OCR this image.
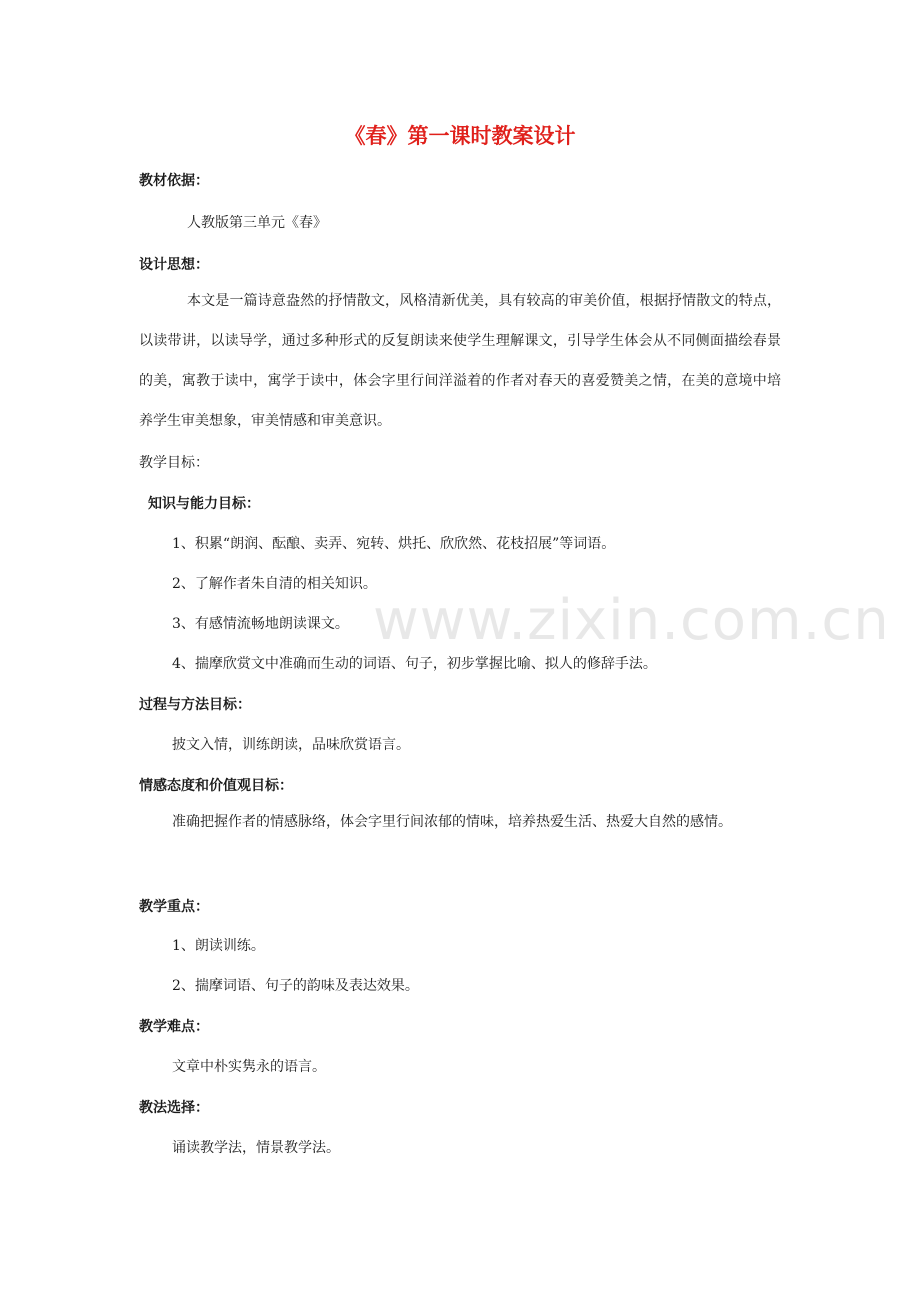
www.zixin.com.cn
《春》第一课时教案设计

教材依据：

人教版第三单元《春》

设计思想：

本文是一篇诗意盎然的抒情散文，风格清新优美，具有较高的审美价值，根据抒情散文的特点，以读带讲，以读导学，通过多种形式的反复朗读来使学生理解课文，引导学生体会从不同侧面描绘春景的美，寓教于读中，寓学于读中，体会字里行间洋溢着的作者对春天的喜爱赞美之情，在美的意境中培养学生审美想象，审美情感和审美意识。

教学目标：

知识与能力目标：

1、积累“朗润、酝酿、卖弄、宛转、烘托、欣欣然、花枝招展”等词语。

2、了解作者朱自清的相关知识。

3、有感情流畅地朗读课文。

4、揣摩欣赏文中准确而生动的词语、句子，初步掌握比喻、拟人的修辞手法。

过程与方法目标：

披文入情，训练朗读，品味欣赏语言。

情感态度和价值观目标：

准确把握作者的情感脉络，体会字里行间浓郁的情味，培养热爱生活、热爱大自然的感情。

教学重点：

1、朗读训练。

2、揣摩词语、句子的韵味及表达效果。

教学难点：

文章中朴实隽永的语言。

教法选择：

诵读教学法，情景教学法。
